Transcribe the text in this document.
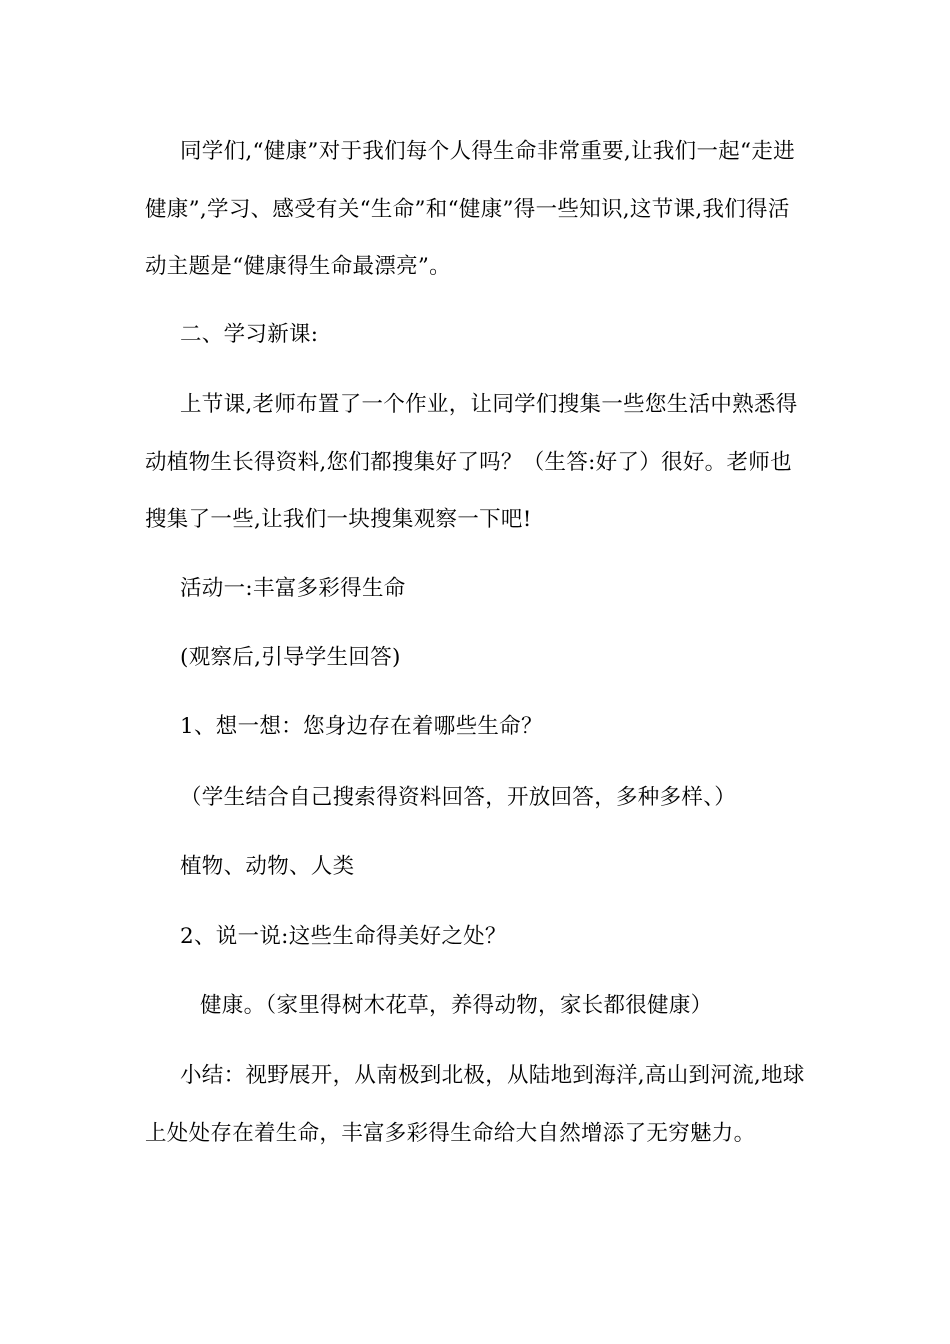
同学们,“健康”对于我们每个人得生命非常重要,让我们一起“走进健康”,学习、感受有关“生命”和“健康”得一些知识,这节课,我们得活动主题是“健康得生命最漂亮”。

二、学习新课:

上节课,老师布置了一个作业，让同学们搜集一些您生活中熟悉得动植物生长得资料,您们都搜集好了吗？（生答:好了）很好。老师也搜集了一些,让我们一块搜集观察一下吧!

活动一:丰富多彩得生命

(观察后,引导学生回答)

1、想一想：您身边存在着哪些生命？

（学生结合自己搜索得资料回答，开放回答，多种多样、）

植物、动物、人类

2、说一说:这些生命得美好之处？

健康。（家里得树木花草，养得动物，家长都很健康）

小结：视野展开，从南极到北极，从陆地到海洋,高山到河流,地球上处处存在着生命，丰富多彩得生命给大自然增添了无穷魅力。
